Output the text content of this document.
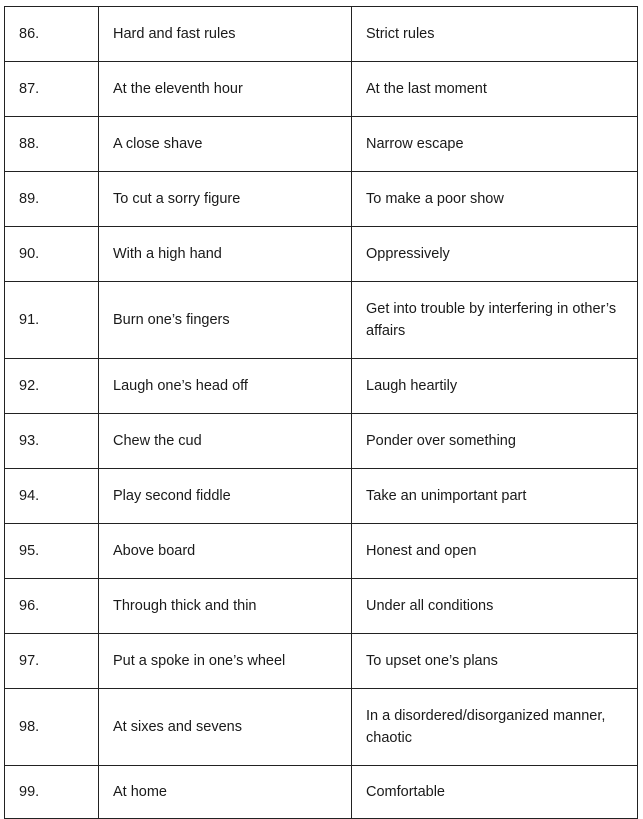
86.	Hard and fast rules	Strict rules
87.	At the eleventh hour	At the last moment
88.	A close shave	Narrow escape
89.	To cut a sorry figure	To make a poor show
90.	With a high hand	Oppressively
91.	Burn one’s fingers	Get into trouble by interfering in other’s affairs
92.	Laugh one’s head off	Laugh heartily
93.	Chew the cud	Ponder over something
94.	Play second fiddle	Take an unimportant part
95.	Above board	Honest and open
96.	Through thick and thin	Under all conditions
97.	Put a spoke in one’s wheel	To upset one’s plans
98.	At sixes and sevens	In a disordered/disorganized manner, chaotic
99.	At home	Comfortable
